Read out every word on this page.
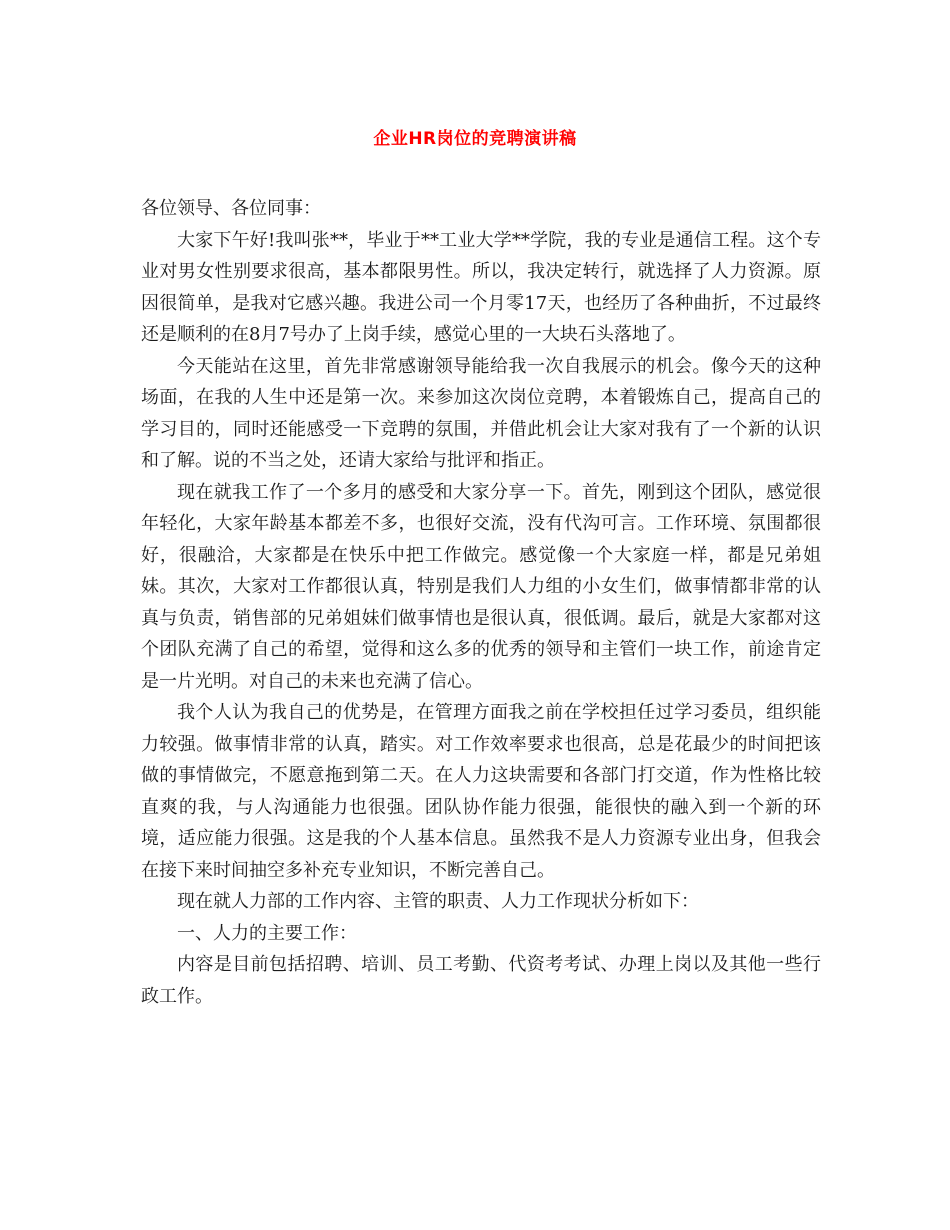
企业HR岗位的竞聘演讲稿

各位领导、各位同事：

大家下午好!我叫张**，毕业于**工业大学**学院，我的专业是通信工程。这个专业对男女性别要求很高，基本都限男性。所以，我决定转行，就选择了人力资源。原因很简单，是我对它感兴趣。我进公司一个月零17天，也经历了各种曲折，不过最终还是顺利的在8月7号办了上岗手续，感觉心里的一大块石头落地了。

今天能站在这里，首先非常感谢领导能给我一次自我展示的机会。像今天的这种场面，在我的人生中还是第一次。来参加这次岗位竞聘，本着锻炼自己，提高自己的学习目的，同时还能感受一下竞聘的氛围，并借此机会让大家对我有了一个新的认识和了解。说的不当之处，还请大家给与批评和指正。

现在就我工作了一个多月的感受和大家分享一下。首先，刚到这个团队，感觉很年轻化，大家年龄基本都差不多，也很好交流，没有代沟可言。工作环境、氛围都很好，很融洽，大家都是在快乐中把工作做完。感觉像一个大家庭一样，都是兄弟姐妹。其次，大家对工作都很认真，特别是我们人力组的小女生们，做事情都非常的认真与负责，销售部的兄弟姐妹们做事情也是很认真，很低调。最后，就是大家都对这个团队充满了自己的希望，觉得和这么多的优秀的领导和主管们一块工作，前途肯定是一片光明。对自己的未来也充满了信心。

我个人认为我自己的优势是，在管理方面我之前在学校担任过学习委员，组织能力较强。做事情非常的认真，踏实。对工作效率要求也很高，总是花最少的时间把该做的事情做完，不愿意拖到第二天。在人力这块需要和各部门打交道，作为性格比较直爽的我，与人沟通能力也很强。团队协作能力很强，能很快的融入到一个新的环境，适应能力很强。这是我的个人基本信息。虽然我不是人力资源专业出身，但我会在接下来时间抽空多补充专业知识，不断完善自己。

现在就人力部的工作内容、主管的职责、人力工作现状分析如下：

一、人力的主要工作：

内容是目前包括招聘、培训、员工考勤、代资考考试、办理上岗以及其他一些行政工作。
